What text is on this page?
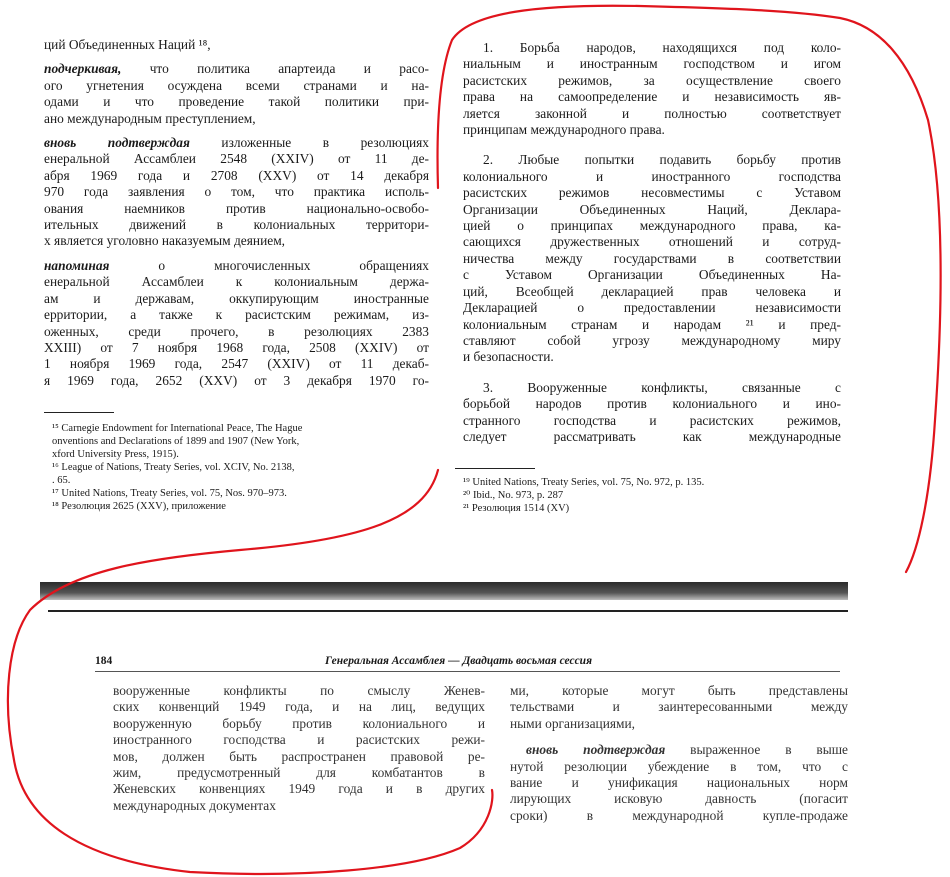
ций Объединенных Наций ¹⁸,

подчеркивая, что политика апартеида и расо-
ого угнетения осуждена всеми странами и на-
одами и что проведение такой политики при-
ано международным преступлением,

вновь подтверждая изложенные в резолюциях
енеральной Ассамблеи 2548 (XXIV) от 11 де-
абря 1969 года и 2708 (XXV) от 14 декабря
970 года заявления о том, что практика исполь-
ования наемников против национально-освобо-
ительных движений в колониальных территори-
х является уголовно наказуемым деянием,

напоминая о многочисленных обращениях
енеральной Ассамблеи к колониальным держа-
ам и державам, оккупирующим иностранные
ерритории, а также к расистским режимам, из-
оженных, среди прочего, в резолюциях 2383
XXIII) от 7 ноября 1968 года, 2508 (XXIV) от
1 ноября 1969 года, 2547 (XXIV) от 11 декаб-
я 1969 года, 2652 (XXV) от 3 декабря 1970 го-

¹⁵ Carnegie Endowment for International Peace, The Hague
onventions and Declarations of 1899 and 1907 (New York,
xford University Press, 1915).
¹⁶ League of Nations, Treaty Series, vol. XCIV, No. 2138,
. 65.
¹⁷ United Nations, Treaty Series, vol. 75, Nos. 970–973.
¹⁸ Резолюция 2625 (XXV), приложение

1. Борьба народов, находящихся под коло-
ниальным и иностранным господством и игом
расистских режимов, за осуществление своего
права на самоопределение и независимость яв-
ляется законной и полностью соответствует
принципам международного права.

2. Любые попытки подавить борьбу против
колониального и иностранного господства
расистских режимов несовместимы с Уставом
Организации Объединенных Наций, Деклара-
цией о принципах международного права, ка-
сающихся дружественных отношений и сотруд-
ничества между государствами в соответствии
с Уставом Организации Объединенных На-
ций, Всеобщей декларацией прав человека и
Декларацией о предоставлении независимости
колониальным странам и народам ²¹ и пред-
ставляют собой угрозу международному миру
и безопасности.

3. Вооруженные конфликты, связанные с
борьбой народов против колониального и ино-
странного господства и расистских режимов,
следует рассматривать как международные

¹⁹ United Nations, Treaty Series, vol. 75, No. 972, p. 135.
²⁰ Ibid., No. 973, p. 287
²¹ Резолюция 1514 (XV)
184	Генеральная Ассамблея — Двадцать восьмая сессия
вооруженные конфликты по смыслу Женев-
ских конвенций 1949 года, и на лиц, ведущих
вооруженную борьбу против колониального и
иностранного господства и расистских режи-
мов, должен быть распространен правовой ре-
жим, предусмотренный для комбатантов в
Женевских конвенциях 1949 года и в других
международных документах

ми, которые могут быть представлены
тельствами и заинтересованными между
ными организациями,

вновь подтверждая выраженное в выше
нутой резолюции убеждение в том, что с
вание и унификация национальных норм
лирующих исковую давность (погасит
сроки) в международной купле-продаже
